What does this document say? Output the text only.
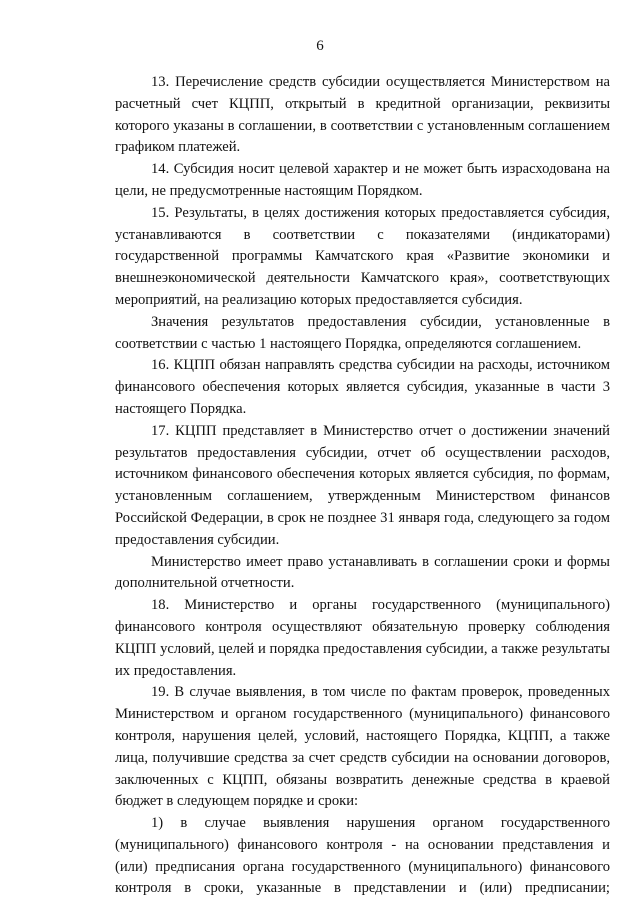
6

13. Перечисление средств субсидии осуществляется Министерством на расчетный счет КЦПП, открытый в кредитной организации, реквизиты которого указаны в соглашении, в соответствии с установленным соглашением графиком платежей.

14. Субсидия носит целевой характер и не может быть израсходована на цели, не предусмотренные настоящим Порядком.

15. Результаты, в целях достижения которых предоставляется субсидия, устанавливаются в соответствии с показателями (индикаторами) государственной программы Камчатского края «Развитие экономики и внешнеэкономической деятельности Камчатского края», соответствующих мероприятий, на реализацию которых предоставляется субсидия.

Значения результатов предоставления субсидии, установленные в соответствии с частью 1 настоящего Порядка, определяются соглашением.

16. КЦПП обязан направлять средства субсидии на расходы, источником финансового обеспечения которых является субсидия, указанные в части 3 настоящего Порядка.

17. КЦПП представляет в Министерство отчет о достижении значений результатов предоставления субсидии, отчет об осуществлении расходов, источником финансового обеспечения которых является субсидия, по формам, установленным соглашением, утвержденным Министерством финансов Российской Федерации, в срок не позднее 31 января года, следующего за годом предоставления субсидии.

Министерство имеет право устанавливать в соглашении сроки и формы дополнительной отчетности.

18. Министерство и органы государственного (муниципального) финансового контроля осуществляют обязательную проверку соблюдения КЦПП условий, целей и порядка предоставления субсидии, а также результаты их предоставления.

19. В случае выявления, в том числе по фактам проверок, проведенных Министерством и органом государственного (муниципального) финансового контроля, нарушения целей, условий, настоящего Порядка, КЦПП, а также лица, получившие средства за счет средств субсидии на основании договоров, заключенных с КЦПП, обязаны возвратить денежные средства в краевой бюджет в следующем порядке и сроки:

1) в случае выявления нарушения органом государственного (муниципального) финансового контроля - на основании представления и (или) предписания органа государственного (муниципального) финансового контроля в сроки, указанные в представлении и (или) предписании;
